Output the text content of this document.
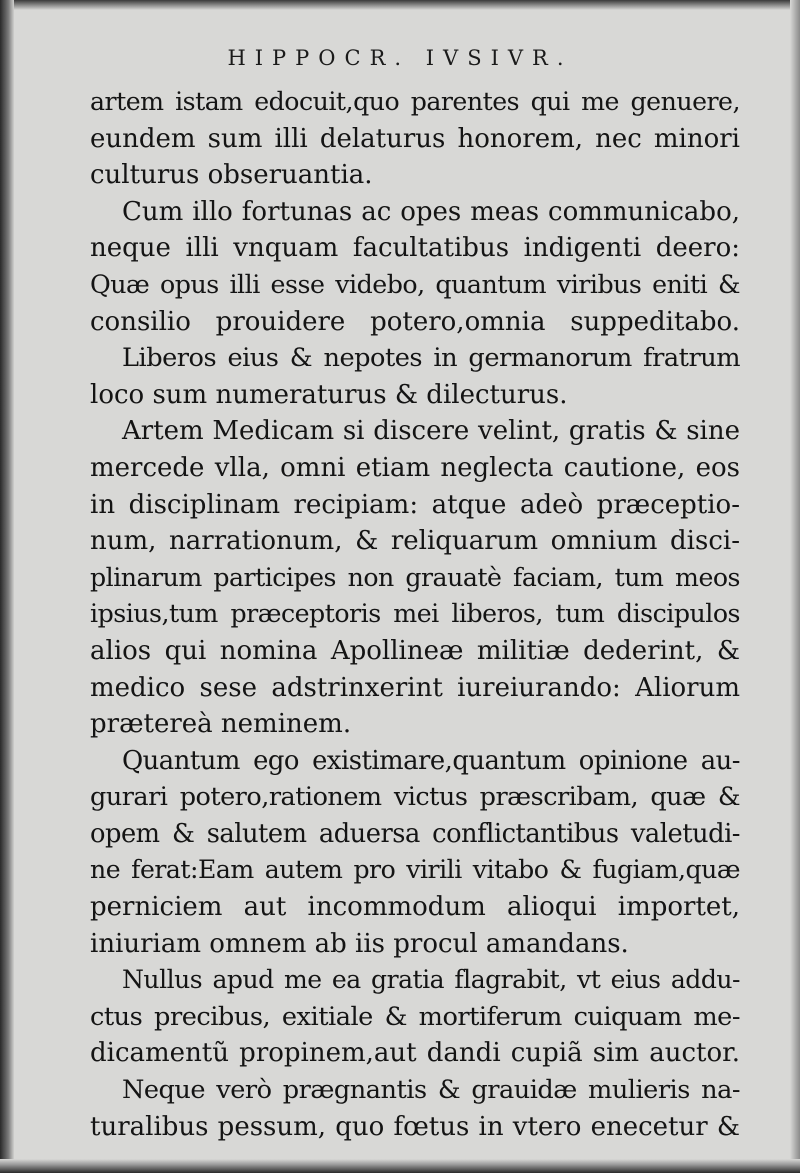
HIPPOCR. IVSIVR.
artem istam edocuit,quo parentes qui me genuere,
eundem sum illi delaturus honorem, nec minori
culturus obseruantia.
Cum illo fortunas ac opes meas communicabo,
neque illi vnquam facultatibus indigenti deero:
Quæ opus illi esse videbo, quantum viribus eniti &
consilio prouidere potero,omnia suppeditabo.
Liberos eius & nepotes in germanorum fratrum
loco sum numeraturus & dilecturus.
Artem Medicam si discere velint, gratis & sine
mercede vlla, omni etiam neglecta cautione, eos
in disciplinam recipiam: atque adeò præceptio-
num, narrationum, & reliquarum omnium disci-
plinarum participes non grauatè faciam, tum meos
ipsius,tum præceptoris mei liberos, tum discipulos
alios qui nomina Apollineæ militiæ dederint, &
medico sese adstrinxerint iureiurando: Aliorum
prætereà neminem.
Quantum ego existimare,quantum opinione au-
gurari potero,rationem victus præscribam, quæ &
opem & salutem aduersa conflictantibus valetudi-
ne ferat:Eam autem pro virili vitabo & fugiam,quæ
perniciem aut incommodum alioqui importet,
iniuriam omnem ab iis procul amandans.
Nullus apud me ea gratia flagrabit, vt eius addu-
ctus precibus, exitiale & mortiferum cuiquam me-
dicamentũ propinem,aut dandi cupiã sim auctor.
Neque verò prægnantis & grauidæ mulieris na-
turalibus pessum, quo fœtus in vtero enecetur &
